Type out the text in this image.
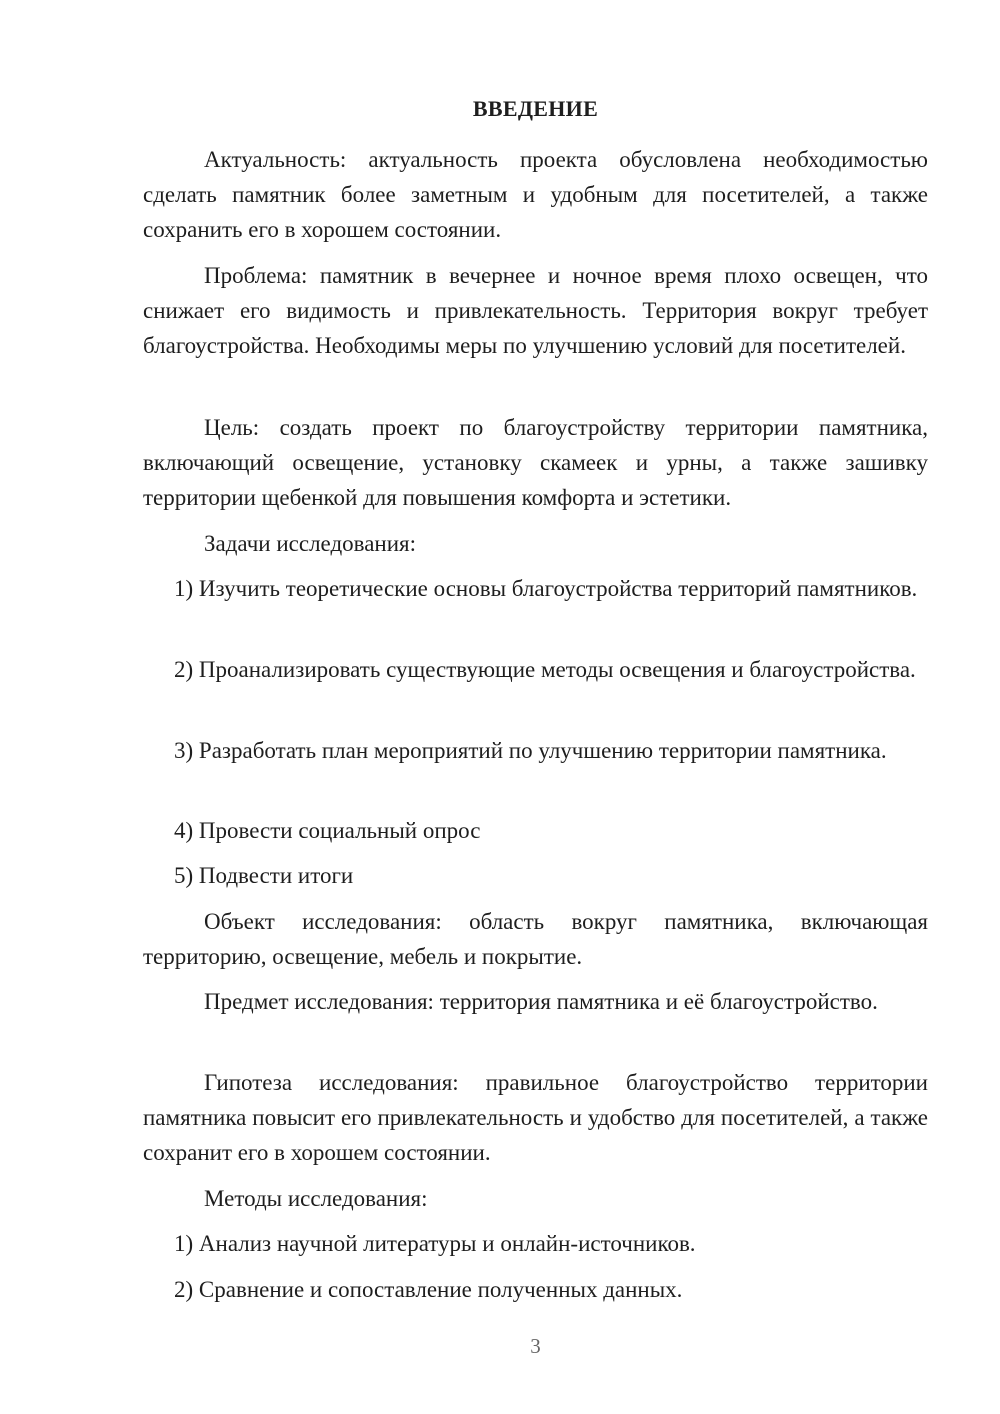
ВВЕДЕНИЕ

Актуальность: актуальность проекта обусловлена необходимостью сделать памятник более заметным и удобным для посетителей, а также сохранить его в хорошем состоянии.

Проблема: памятник в вечернее и ночное время плохо освещен, что снижает его видимость и привлекательность. Территория вокруг требует благоустройства. Необходимы меры по улучшению условий для посетителей.

Цель: создать проект по благоустройству территории памятника, включающий освещение, установку скамеек и урны, а также зашивку территории щебенкой для повышения комфорта и эстетики.

Задачи исследования:

1) Изучить теоретические основы благоустройства территорий памятников.

2) Проанализировать существующие методы освещения и благоустройства.

3) Разработать план мероприятий по улучшению территории памятника.

4) Провести социальный опрос

5) Подвести итоги

Объект исследования: область вокруг памятника, включающая территорию, освещение, мебель и покрытие.

Предмет исследования: территория памятника и её благоустройство.

Гипотеза исследования: правильное благоустройство территории памятника повысит его привлекательность и удобство для посетителей, а также сохранит его в хорошем состоянии.

Методы исследования:

1) Анализ научной литературы и онлайн-источников.

2) Сравнение и сопоставление полученных данных.

3
